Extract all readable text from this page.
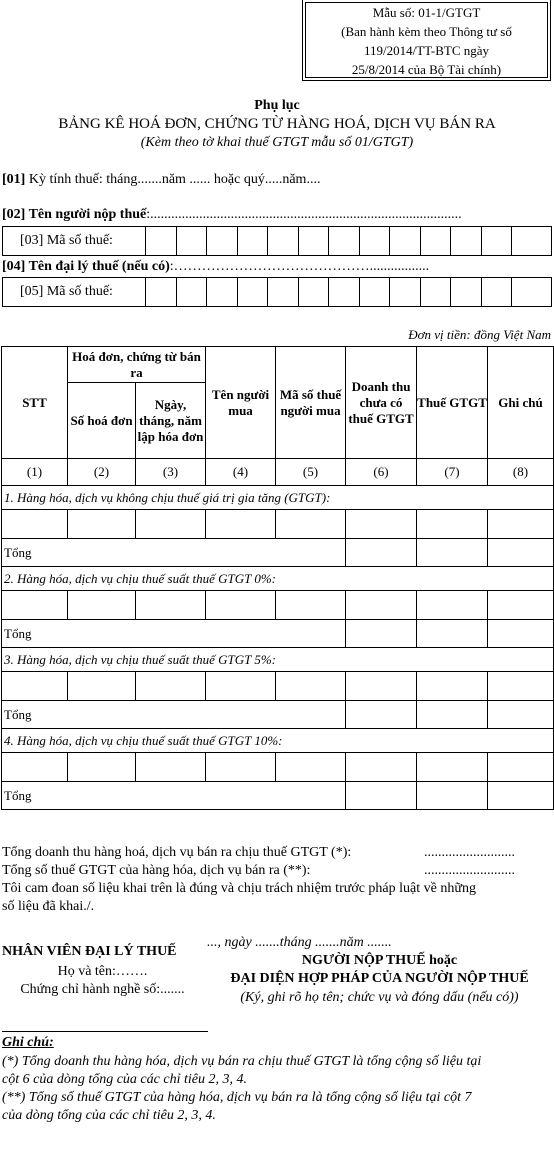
Mẫu số: 01-1/GTGT
(Ban hành kèm theo Thông tư số
119/2014/TT-BTC ngày
25/8/2014 của Bộ Tài chính)
Phụ lục
BẢNG KÊ HOÁ ĐƠN, CHỨNG TỪ HÀNG HOÁ, DỊCH VỤ BÁN RA
(Kèm theo tờ khai thuế GTGT mẫu số 01/GTGT)
[01] Kỳ tính thuế: tháng.......năm ...... hoặc quý.....năm....
[02] Tên người nộp thuế:.........................................................................................
[03] Mã số thuế:
[04] Tên đại lý thuế (nếu có):…………………………………….................
[05] Mã số thuế:
Đơn vị tiền: đồng Việt Nam
STT	Hoá đơn, chứng từ bán ra		Tên người mua	Mã số thuế người mua	Doanh thu chưa có thuế GTGT	Thuế GTGT	Ghi chú
	Số hoá đơn	Ngày, tháng, năm lập hóa đơn					
(1)	(2)	(3)	(4)	(5)	(6)	(7)	(8)
1. Hàng hóa, dịch vụ không chịu thuế giá trị gia tăng (GTGT):							

Tổng							
2. Hàng hóa, dịch vụ chịu thuế suất thuế GTGT 0%:							

Tổng							
3. Hàng hóa, dịch vụ chịu thuế suất thuế GTGT 5%:							

Tổng							
4. Hàng hóa, dịch vụ chịu thuế suất thuế GTGT 10%:							

Tổng							
Tổng doanh thu hàng hoá, dịch vụ bán ra chịu thuế GTGT (*):	..........................
Tổng số thuế GTGT của hàng hóa, dịch vụ bán ra (**):	..........................
Tôi cam đoan số liệu khai trên là đúng và chịu trách nhiệm trước pháp luật về những
số liệu đã khai./.
NHÂN VIÊN ĐẠI LÝ THUẾ
Họ và tên:…….
Chứng chỉ hành nghề số:.......
..., ngày .......tháng .......năm .......
NGƯỜI NỘP THUẾ hoặc
ĐẠI DIỆN HỢP PHÁP CỦA NGƯỜI NỘP THUẾ
(Ký, ghi rõ họ tên; chức vụ và đóng dấu (nếu có))
Ghi chú:
(*) Tổng doanh thu hàng hóa, dịch vụ bán ra chịu thuế GTGT là tổng cộng số liệu tại
cột 6 của dòng tổng của các chỉ tiêu 2, 3, 4.
(**) Tổng số thuế GTGT của hàng hóa, dịch vụ bán ra là tổng cộng số liệu tại cột 7
của dòng tổng của các chỉ tiêu 2, 3, 4.
